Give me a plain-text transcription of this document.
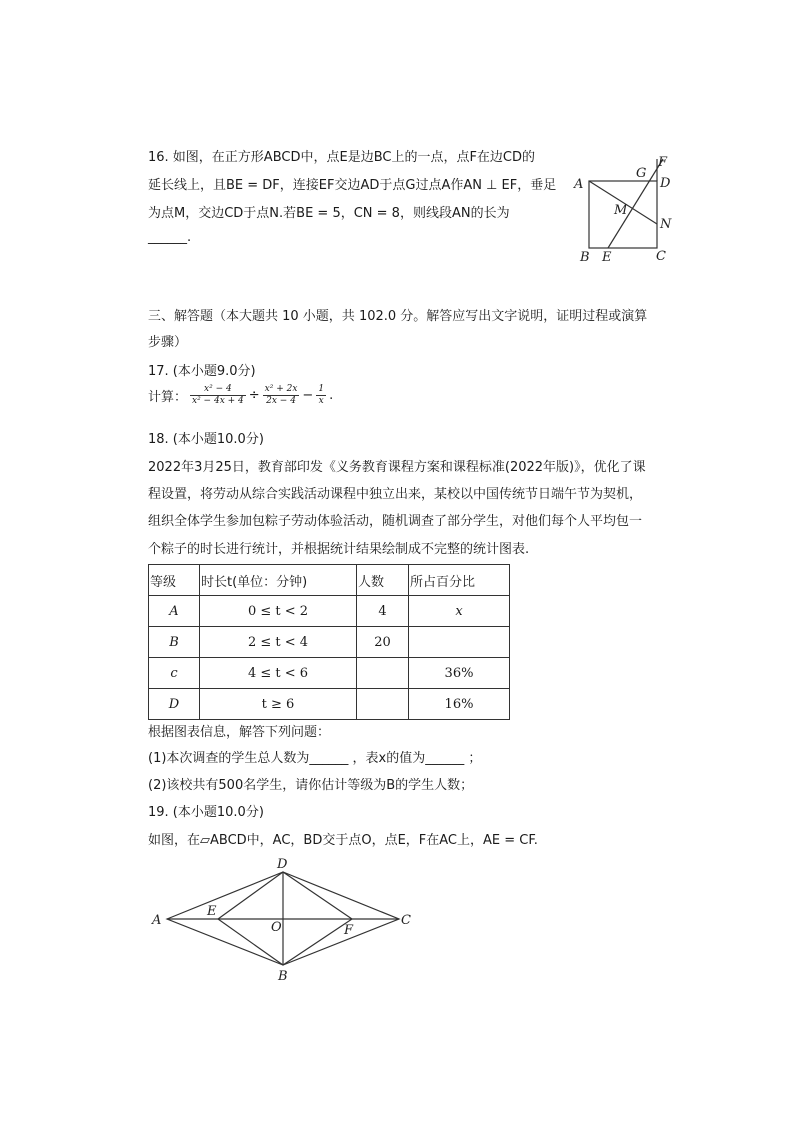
16. 如图，在正方形ABCD中，点E是边BC上的一点，点F在边CD的
延长线上，且BE = DF，连接EF交边AD于点G过点A作AN ⊥ EF，垂足
为点M，交边CD于点N.若BE = 5，CN = 8，则线段AN的长为
______.
A	D
F
G
M
N
B E	C
三、解答题（本大题共 10 小题，共 102.0 分。解答应写出文字说明，证明过程或演算
步骤）
17. (本小题9.0分)
计算： $\frac{\text{x² − 4}}{\text{x² − 4x + 4}} \div \frac{\text{x² + 2x}}{2x - 4} - \frac{1}{x}$ .
18. (本小题10.0分)
2022年3月25日，教育部印发《义务教育课程方案和课程标准(2022年版)》，优化了课
程设置，将劳动从综合实践活动课程中独立出来，某校以中国传统节日端午节为契机，
组织全体学生参加包粽子劳动体验活动，随机调查了部分学生，对他们每个人平均包一
个粽子的时长进行统计，并根据统计结果绘制成不完整的统计图表.
等级	时长t(单位：分钟)	人数	所占百分比
A	0 ≤ t < 2	4	x
B	2 ≤ t < 4	20	
c	4 ≤ t < 6		36%
D	t ≥ 6		16%
根据图表信息，解答下列问题：
(1)本次调查的学生总人数为______ ，表x的值为______ ；
(2)该校共有500名学生，请你估计等级为B的学生人数；
19. (本小题10.0分)
如图，在▱ABCD中，AC，BD交于点O，点E，F在AC上，AE = CF.
A
D
C
B
E
O	F
